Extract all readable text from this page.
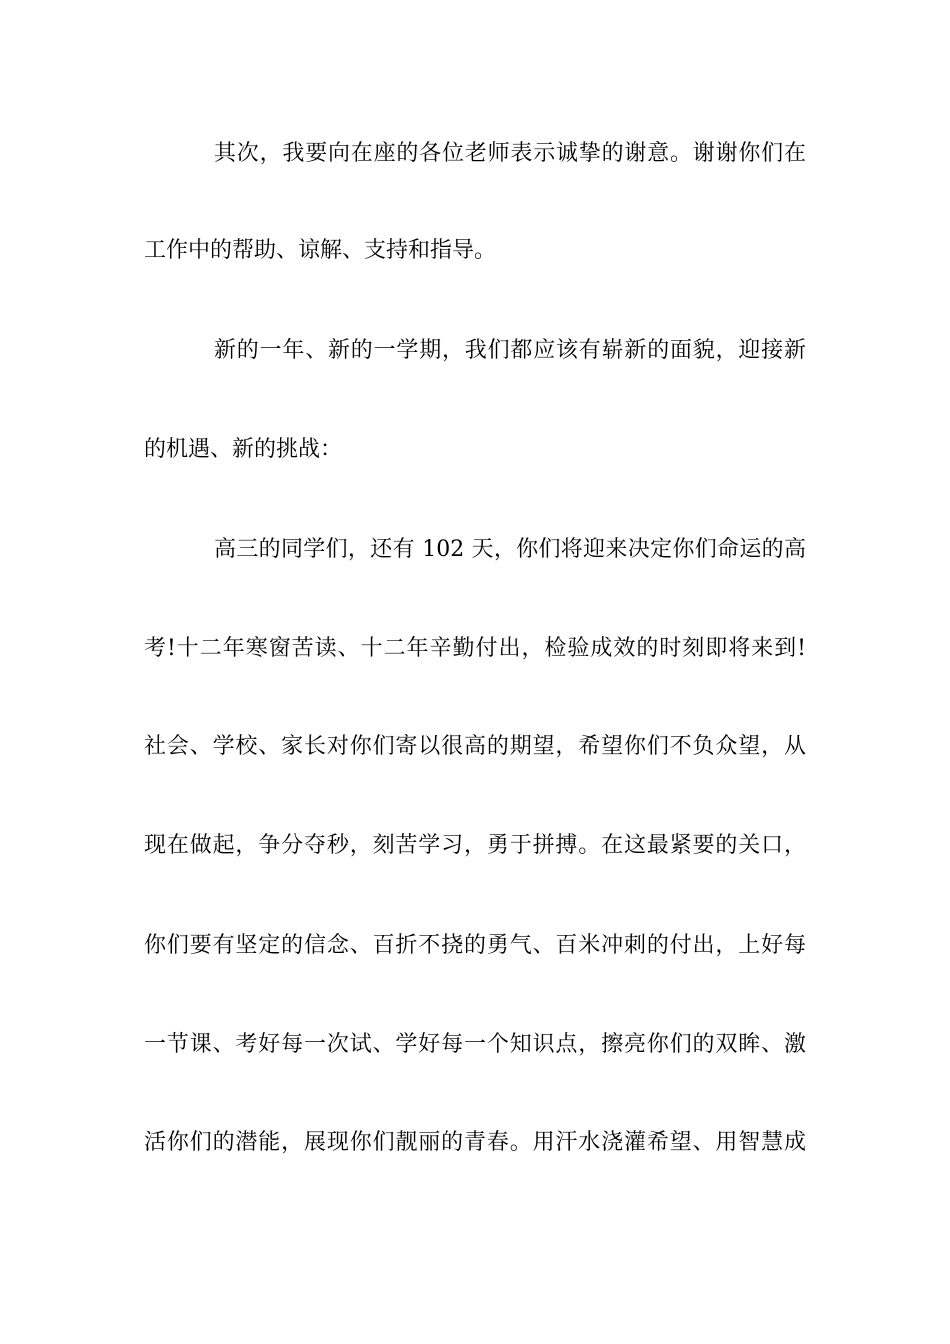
其次，我要向在座的各位老师表示诚挚的谢意。谢谢你们在
工作中的帮助、谅解、支持和指导。
新的一年、新的一学期，我们都应该有崭新的面貌，迎接新
的机遇、新的挑战：
高三的同学们，还有 102 天，你们将迎来决定你们命运的高
考!十二年寒窗苦读、十二年辛勤付出，检验成效的时刻即将来到!
社会、学校、家长对你们寄以很高的期望，希望你们不负众望，从
现在做起，争分夺秒，刻苦学习，勇于拼搏。在这最紧要的关口，
你们要有坚定的信念、百折不挠的勇气、百米冲刺的付出，上好每
一节课、考好每一次试、学好每一个知识点，擦亮你们的双眸、激
活你们的潜能，展现你们靓丽的青春。用汗水浇灌希望、用智慧成
